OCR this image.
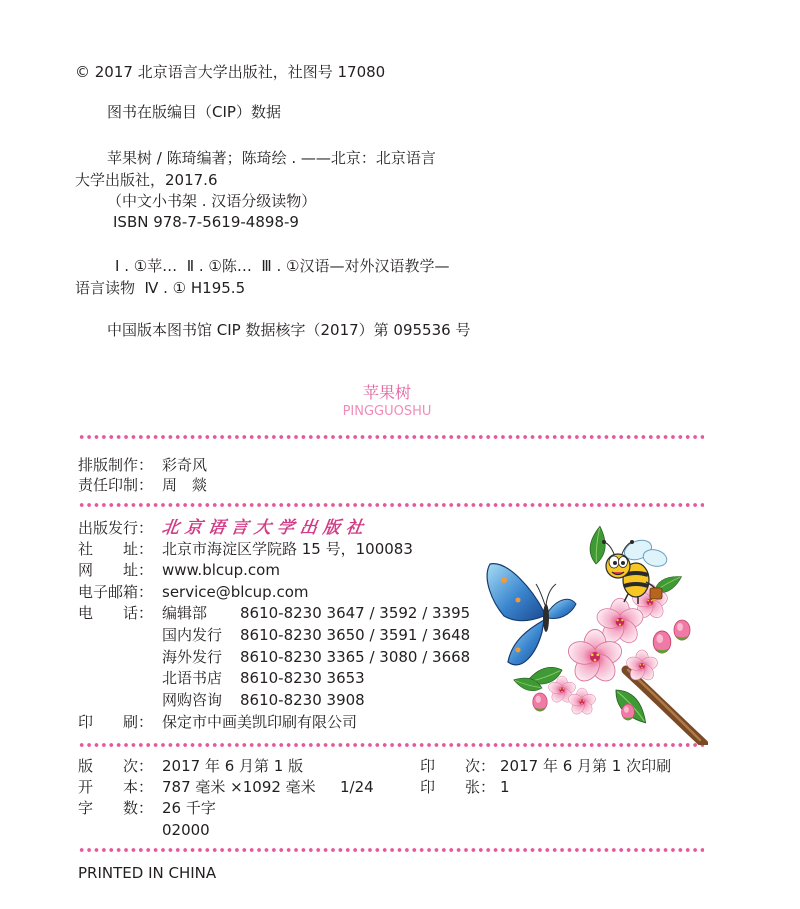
© 2017 北京语言大学出版社，社图号 17080
图书在版编目（CIP）数据
苹果树 / 陈琦编著；陈琦绘 . ——北京：北京语言
大学出版社，2017.6
（中文小书架 . 汉语分级读物）
ISBN 978-7-5619-4898-9
Ⅰ . ①苹…  Ⅱ . ①陈…  Ⅲ . ①汉语—对外汉语教学—
语言读物  Ⅳ . ① H195.5
中国版本图书馆 CIP 数据核字（2017）第 095536 号
苹果树
PINGGUOSHU

排版制作：

彩奇风

责任印制：

周　燚

出版发行：

北京语言大学出版社

社　　址：

北京市海淀区学院路 15 号，100083

网　　址：

www.blcup.com

电子邮箱：

service@blcup.com

电　　话：

编辑部

8610-8230 3647 / 3592 / 3395

国内发行

8610-8230 3650 / 3591 / 3648

海外发行

8610-8230 3365 / 3080 / 3668

北语书店

8610-8230 3653

网购咨询

8610-8230 3908

印　　刷：

保定市中画美凯印刷有限公司

版　　次：

2017 年 6 月第 1 版

	印　　次：

2017 年 6 月第 1 次印刷

开　　本：

787 毫米 ×1092 毫米

1/24

	印　　张：

1

字　　数：

26 千字

02000

PRINTED IN CHINA
